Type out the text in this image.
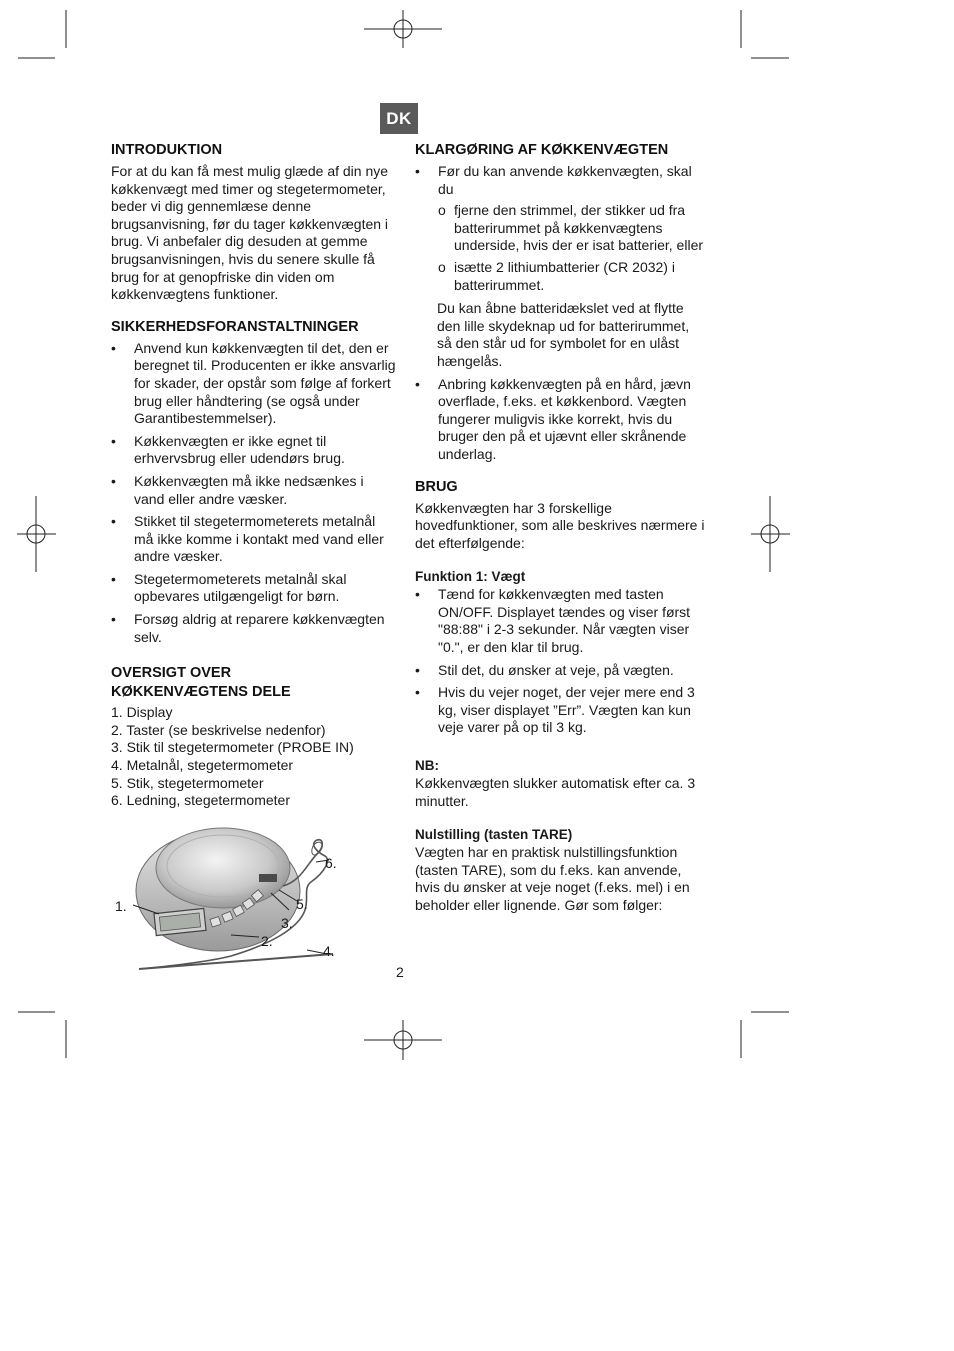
DK
INTRODUKTION

For at du kan få mest mulig glæde af din nye køkkenvægt med timer og stegetermometer, beder vi dig gennemlæse denne brugsanvisning, før du tager køkkenvægten i brug. Vi anbefaler dig desuden at gemme brugsanvisningen, hvis du senere skulle få brug for at genopfriske din viden om køkkenvægtens funktioner.

SIKKERHEDSFORANSTALTNINGER
• Anvend kun køkkenvægten til det, den er beregnet til. Producenten er ikke ansvarlig for skader, der opstår som følge af forkert brug eller håndtering (se også under Garantibestemmelser).
• Køkkenvægten er ikke egnet til erhvervsbrug eller udendørs brug.
• Køkkenvægten må ikke nedsænkes i vand eller andre væsker.
• Stikket til stegetermometerets metalnål må ikke komme i kontakt med vand eller andre væsker.
• Stegetermometerets metalnål skal opbevares utilgængeligt for børn.
• Forsøg aldrig at reparere køkkenvægten selv.
OVERSIGT OVER
KØKKENVÆGTENS DELE
1. Display
2. Taster (se beskrivelse nedenfor)
3. Stik til stegetermometer (PROBE IN)
4. Metalnål, stegetermometer
5. Stik, stegetermometer
6. Ledning, stegetermometer
1.
2.
3.
4.
5.
6.
KLARGØRING AF KØKKENVÆGTEN
• Før du kan anvende køkkenvægten, skal du
o fjerne den strimmel, der stikker ud fra batterirummet på køkkenvægtens underside, hvis der er isat batterier, eller
o isætte 2 lithiumbatterier (CR 2032) i batterirummet.

Du kan åbne batteridækslet ved at flytte den lille skydeknap ud for batterirummet, så den står ud for symbolet for en ulåst hængelås.

• Anbring køkkenvægten på en hård, jævn overflade, f.eks. et køkkenbord. Vægten fungerer muligvis ikke korrekt, hvis du bruger den på et ujævnt eller skrånende underlag.
BRUG

Køkkenvægten har 3 forskellige hovedfunktioner, som alle beskrives nærmere i det efterfølgende:

Funktion 1: Vægt
• Tænd for køkkenvægten med tasten ON/OFF. Displayet tændes og viser først "88:88" i 2-3 sekunder. Når vægten viser "0.", er den klar til brug.
• Stil det, du ønsker at veje, på vægten.
• Hvis du vejer noget, der vejer mere end 3 kg, viser displayet ”Err”. Vægten kan kun veje varer på op til 3 kg.
NB:

Køkkenvægten slukker automatisk efter ca. 3 minutter.

Nulstilling (tasten TARE)

Vægten har en praktisk nulstillingsfunktion (tasten TARE), som du f.eks. kan anvende, hvis du ønsker at veje noget (f.eks. mel) i en beholder eller lignende. Gør som følger:

2
